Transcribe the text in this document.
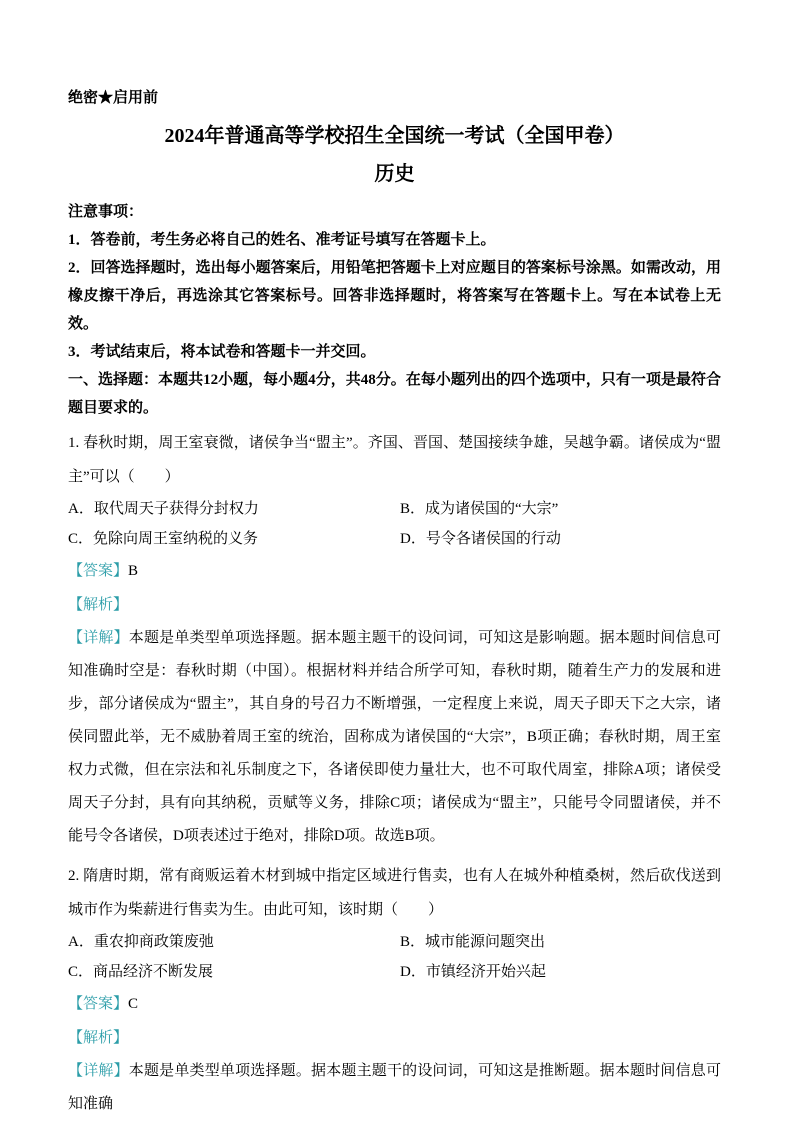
绝密★启用前
2024年普通高等学校招生全国统一考试（全国甲卷）
历史

注意事项：

1．答卷前，考生务必将自己的姓名、准考证号填写在答题卡上。

2．回答选择题时，选出每小题答案后，用铅笔把答题卡上对应题目的答案标号涂黑。如需改动，用橡皮擦干净后，再选涂其它答案标号。回答非选择题时，将答案写在答题卡上。写在本试卷上无效。

3．考试结束后，将本试卷和答题卡一并交回。

一、选择题：本题共12小题，每小题4分，共48分。在每小题列出的四个选项中，只有一项是最符合题目要求的。

1. 春秋时期，周王室衰微，诸侯争当“盟主”。齐国、晋国、楚国接续争雄，吴越争霸。诸侯成为“盟主”可以（　　）

A．取代周天子获得分封权力	B．成为诸侯国的“大宗”
C．免除向周王室纳税的义务	D．号令各诸侯国的行动

【答案】B

【解析】

【详解】本题是单类型单项选择题。据本题主题干的设问词，可知这是影响题。据本题时间信息可知准确时空是：春秋时期（中国）。根据材料并结合所学可知，春秋时期，随着生产力的发展和进步，部分诸侯成为“盟主”，其自身的号召力不断增强，一定程度上来说，周天子即天下之大宗，诸侯同盟此举，无不威胁着周王室的统治，固称成为诸侯国的“大宗”，B项正确；春秋时期，周王室权力式微，但在宗法和礼乐制度之下，各诸侯即使力量壮大，也不可取代周室，排除A项；诸侯受周天子分封，具有向其纳税，贡赋等义务，排除C项；诸侯成为“盟主”，只能号令同盟诸侯，并不能号令各诸侯，D项表述过于绝对，排除D项。故选B项。

2. 隋唐时期，常有商贩运着木材到城中指定区域进行售卖，也有人在城外种植桑树，然后砍伐送到城市作为柴薪进行售卖为生。由此可知，该时期（　　）

A．重农抑商政策废弛	B．城市能源问题突出
C．商品经济不断发展	D．市镇经济开始兴起

【答案】C

【解析】

【详解】本题是单类型单项选择题。据本题主题干的设问词，可知这是推断题。据本题时间信息可知准确
